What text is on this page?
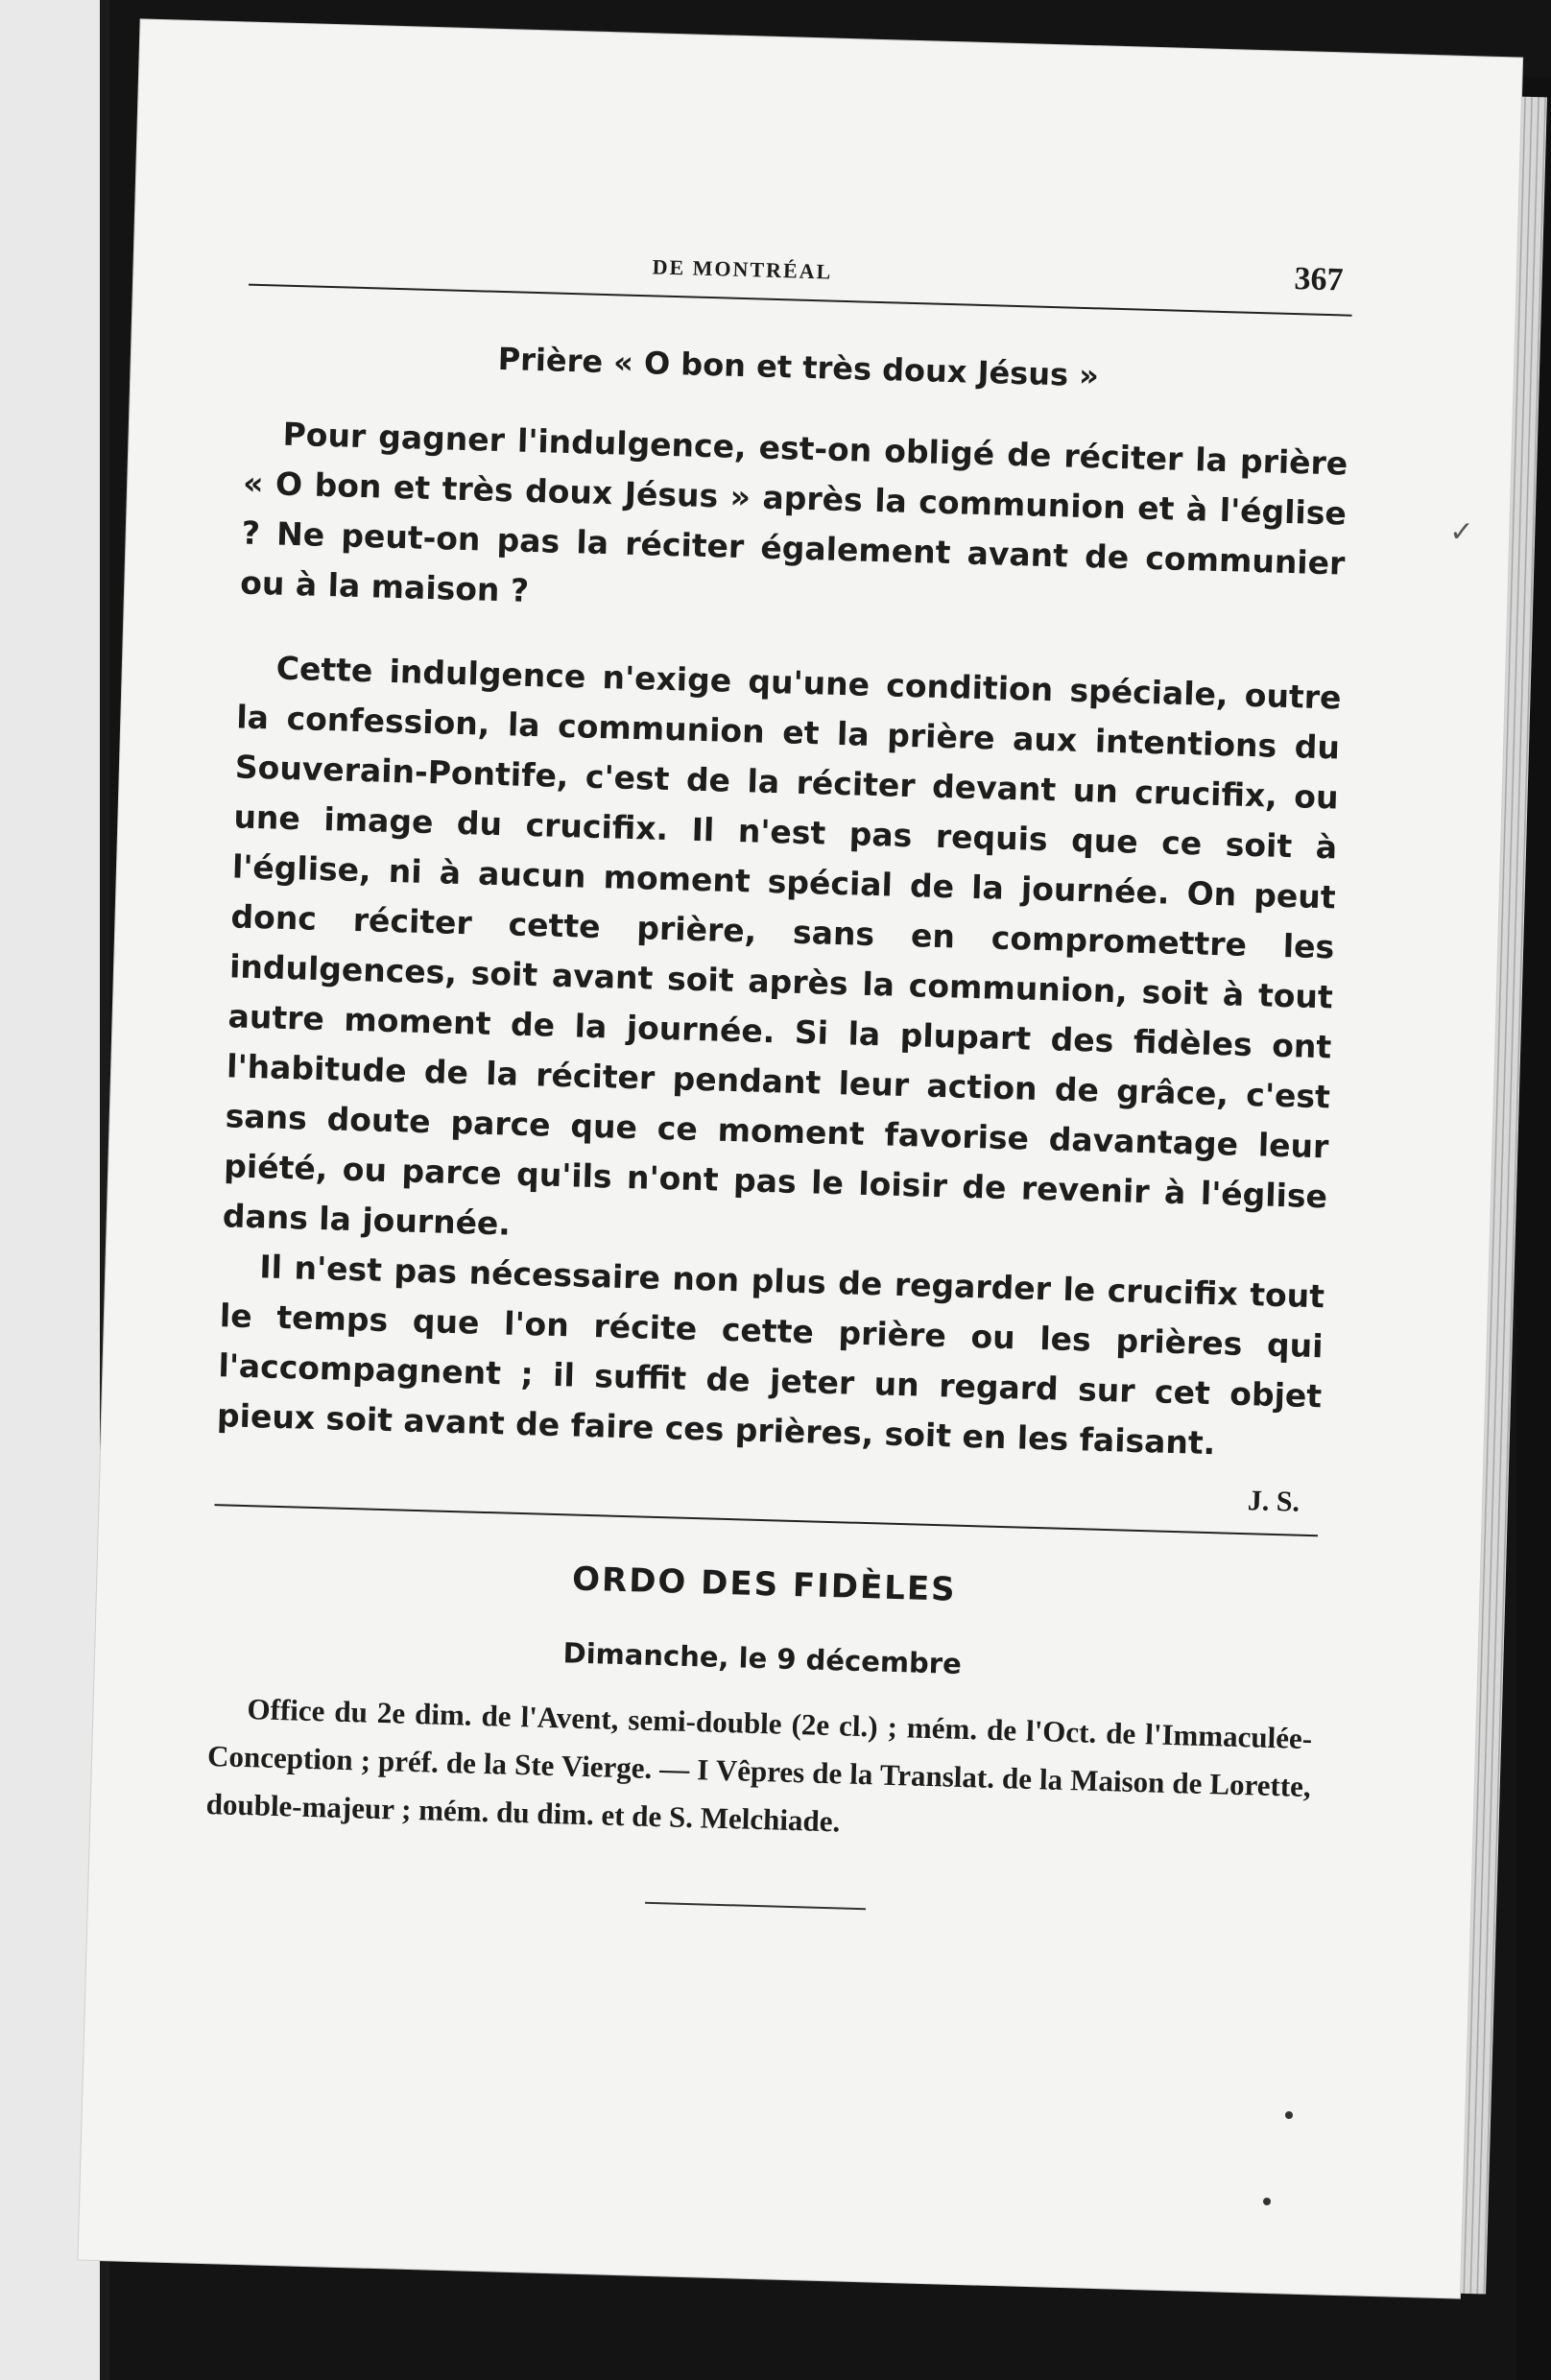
DE MONTRÉAL	367
Prière « O bon et très doux Jésus »

Pour gagner l'indulgence, est-on obligé de réciter la prière « O bon et très doux Jésus » après la communion et à l'église ? Ne peut-on pas la réciter également avant de communier ou à la maison ?

Cette indulgence n'exige qu'une condition spéciale, outre la confession, la communion et la prière aux intentions du Souverain-Pontife, c'est de la réciter devant un crucifix, ou une image du crucifix. Il n'est pas requis que ce soit à l'église, ni à aucun moment spécial de la journée. On peut donc réciter cette prière, sans en compromettre les indulgences, soit avant soit après la communion, soit à tout autre moment de la journée. Si la plupart des fidèles ont l'habitude de la réciter pendant leur action de grâce, c'est sans doute parce que ce moment favorise davantage leur piété, ou parce qu'ils n'ont pas le loisir de revenir à l'église dans la journée.

Il n'est pas nécessaire non plus de regarder le crucifix tout le temps que l'on récite cette prière ou les prières qui l'accompagnent ; il suffit de jeter un regard sur cet objet pieux soit avant de faire ces prières, soit en les faisant.

J. S.
ORDO DES FIDÈLES
Dimanche, le 9 décembre

Office du 2e dim. de l'Avent, semi-double (2e cl.) ; mém. de l'Oct. de l'Immaculée-Conception ; préf. de la Ste Vierge. — I Vêpres de la Translat. de la Maison de Lorette, double-majeur ; mém. du dim. et de S. Melchiade.

✓
